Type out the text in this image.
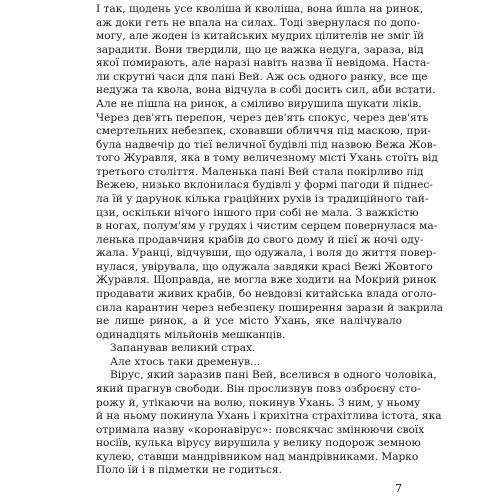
І так, щодень усе кволіша й кволіша, вона йшла на ринок,
аж доки геть не впала на силах. Тоді звернулася по допо-
могу, але жоден із китайських мудрих цілителів не зміг їй
зарадити. Вони твердили, що це важка недуга, зараза, від
якої помирають, але наразі навіть назва її невідома. Наста-
ли скрутні часи для пані Вей. Аж ось одного ранку, все ще
недужа та квола, вона відчула в собі досить сил, аби встати.
Але не пішла на ринок, а сміливо вирушила шукати ліків.
Через дев'ять перепон, через дев'ять спокус, через дев'ять
смертельних небезпек, сховавши обличчя під маскою, при-
була надвечір до тієї величної будівлі під назвою Вежа Жов-
того Журавля, яка в тому величезному місті Ухань стоїть від
третього століття. Маленька пані Вей стала покірливо під
Вежею, низько вклонилася будівлі у формі пагоди й піднес-
ла їй у дарунок кілька граційних рухів із традиційного тай-
цзи, оскільки нічого іншого при собі не мала. З важкістю
в ногах, полум'ям у грудях і чистим серцем повернулася ма-
ленька продавчиня крабів до свого дому й цієї ж ночі оду-
жала. Уранці, відчувши, що одужала, і воля до життя повер-
нулася, увірувала, що одужала завдяки красі Вежі Жовтого
Журавля. Щоправда, не могла вже ходити на Мокрий ринок
продавати живих крабів, бо невдовзі китайська влада оголо-
сила карантин через небезпеку поширення зарази й закрила
не лише ринок, а й усе місто Ухань, яке налічувало
одинадцять мільйонів мешканців.
Запанував великий страх.
Але хтось таки дременув...
Вірус, який заразив пані Вей, вселився в одного чоловіка,
який прагнув свободи. Він прослизнув повз озброєну сто-
рожу й, утікаючи на волю, покинув Ухань. З ним, у ньому
й на ньому покинула Ухань і крихітна страхітлива істота, яка
отримала назву «коронавірус»: повсякчас змінюючи своїх
носіїв, кулька вірусу вирушила у велику подорож земною
кулею, ставши мандрівником над мандрівниками. Марко
Поло їй і в підметки не годиться.
7
